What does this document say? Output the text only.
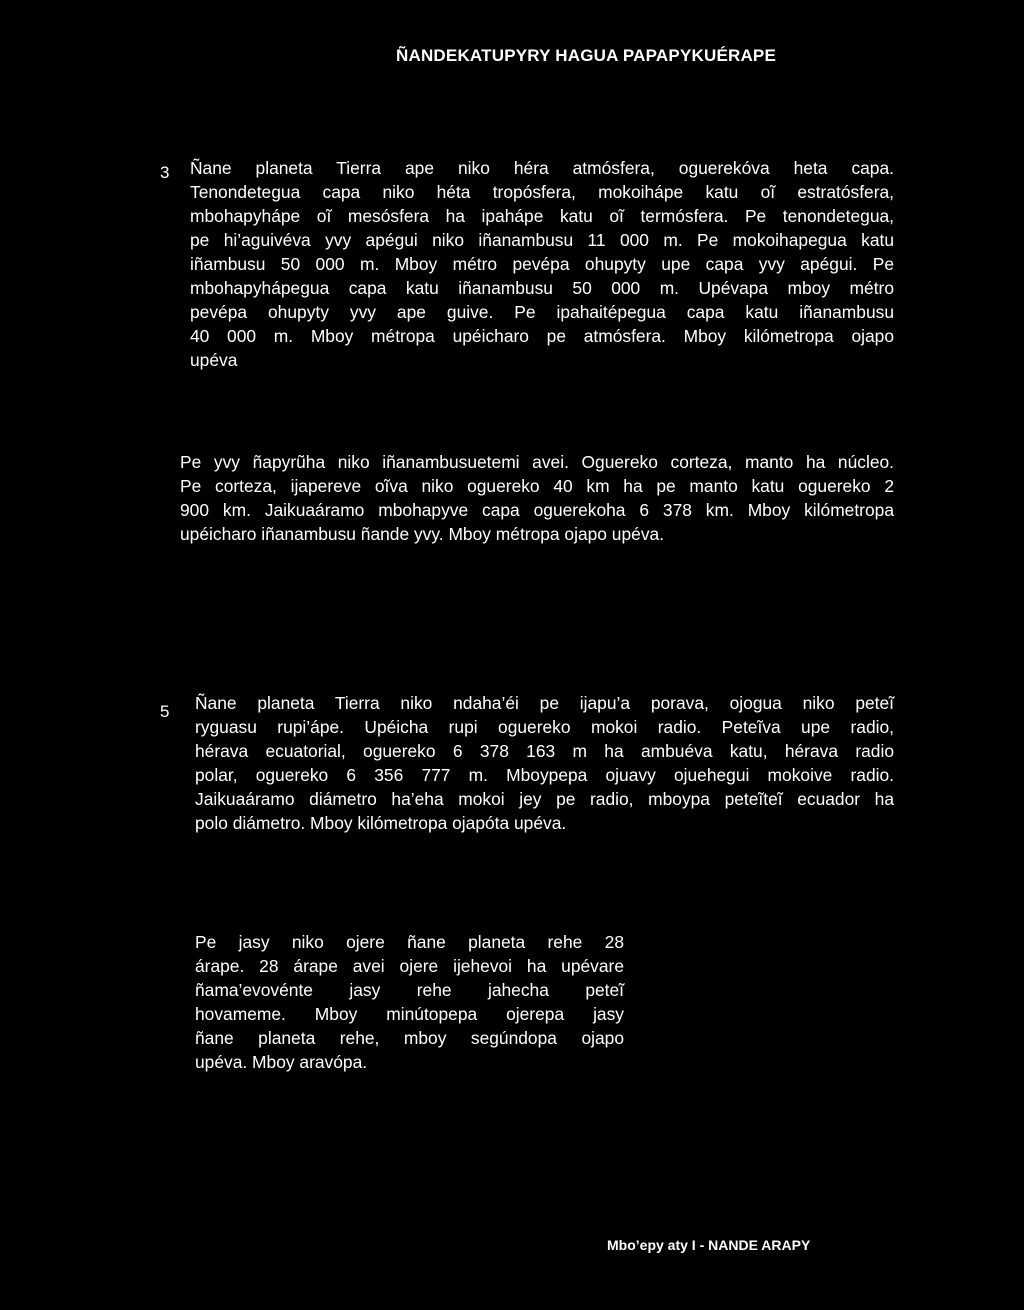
ÑANDEKATUPYRY HAGUA PAPAPYKUÉRAPE
3 Ñane planeta Tierra ape niko héra atmósfera, oguerekóva heta capa.
Tenondetegua capa niko héta tropósfera, mokoihápe katu oĩ estratósfera,
mbohapyhápe oĩ mesósfera ha ipahápe katu oĩ termósfera. Pe tenondetegua,
pe hi’aguivéva yvy apégui niko iñanambusu 11 000 m. Pe mokoihapegua katu
iñambusu 50 000 m. Mboy métro pevépa ohupyty upe capa yvy apégui. Pe
mbohapyhápegua capa katu iñanambusu 50 000 m. Upévapa mboy métro
pevépa ohupyty yvy ape guive. Pe ipahaitépegua capa katu iñanambusu
40 000 m. Mboy métropa upéicharo pe atmósfera. Mboy kilómetropa ojapo
upéva
Pe yvy ñapyrũha niko iñanambusuetemi avei. Oguereko corteza, manto ha núcleo.
Pe corteza, ijapereve oĩva niko oguereko 40 km ha pe manto katu oguereko 2
900 km. Jaikuaáramo mbohapyve capa oguerekoha 6 378 km. Mboy kilómetropa
upéicharo iñanambusu ñande yvy. Mboy métropa ojapo upéva.
5 Ñane planeta Tierra niko ndaha’éi pe ijapu’a porava, ojogua niko peteĩ
ryguasu rupi’ápe. Upéicha rupi oguereko mokoi radio. Peteĩva upe radio,
hérava ecuatorial, oguereko 6 378 163 m ha ambuéva katu, hérava radio
polar, oguereko 6 356 777 m. Mboypepa ojuavy ojuehegui mokoive radio.
Jaikuaáramo diámetro ha’eha mokoi jey pe radio, mboypa peteĩteĩ ecuador ha
polo diámetro. Mboy kilómetropa ojapóta upéva.
Pe jasy niko ojere ñane planeta rehe 28
árape. 28 árape avei ojere ijehevoi ha upévare
ñama’evovénte jasy rehe jahecha peteĩ
hovameme. Mboy minútopepa ojerepa jasy
ñane planeta rehe, mboy segúndopa ojapo
upéva. Mboy aravópa.
Mbo’epy aty I - NANDE ARAPY
